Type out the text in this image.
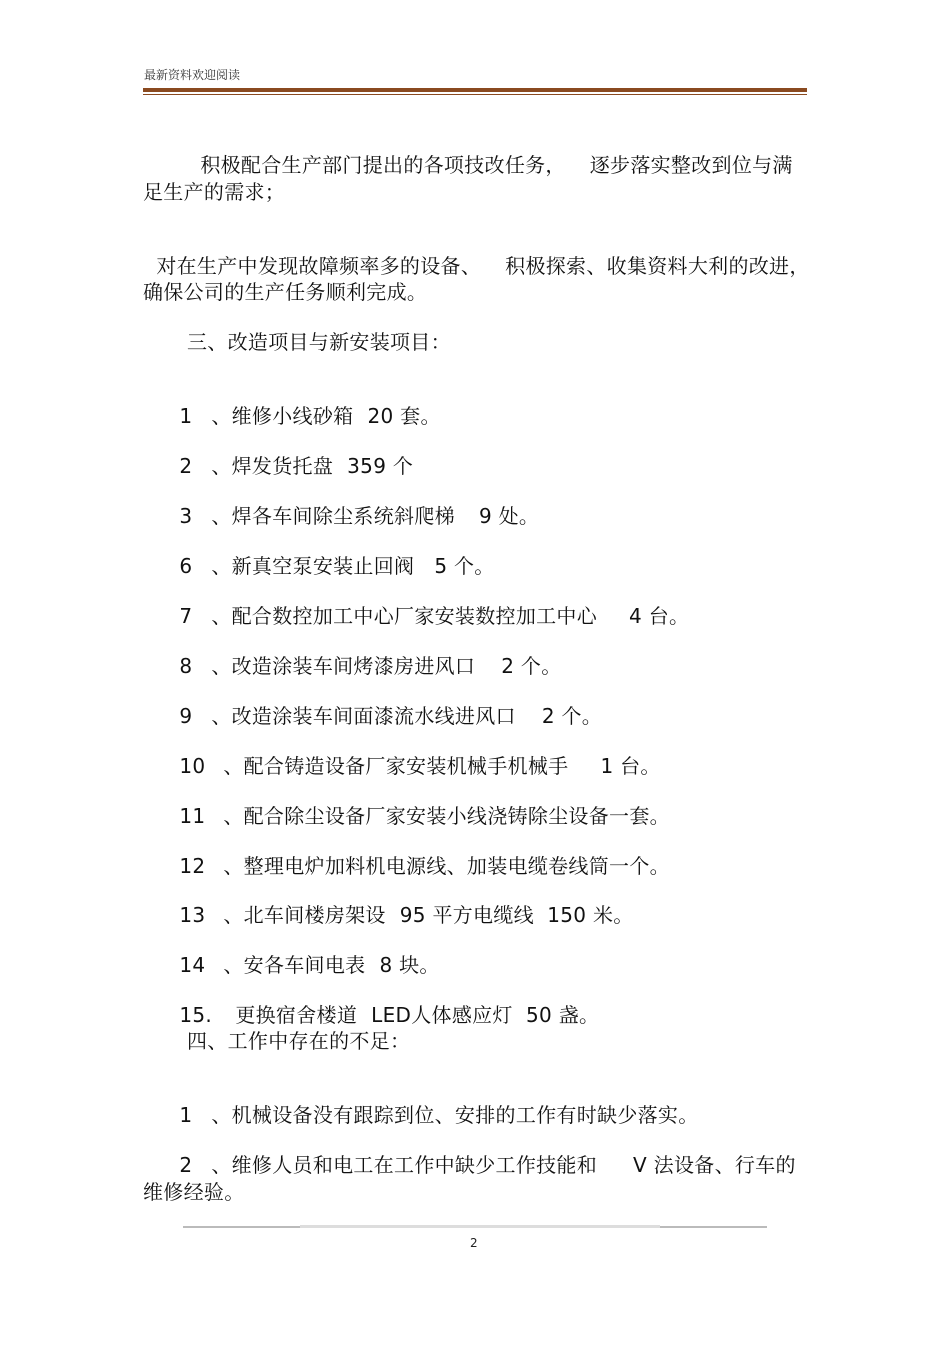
最新资料欢迎阅读

积极配合生产部门提出的各项技改任务， 逐步落实整改到位与满

足生产的需求；

对在生产中发现故障频率多的设备、 积极探索、收集资料大利的改进，

确保公司的生产任务顺利完成。
三、改造项目与新安装项目：

1 、维修小线砂箱 20 套。

2 、焊发货托盘 359 个

3 、焊各车间除尘系统斜爬梯 9 处。

6 、新真空泵安装止回阀 5 个。

7 、配合数控加工中心厂家安装数控加工中心 4 台。

8 、改造涂装车间烤漆房进风口 2 个。

9 、改造涂装车间面漆流水线进风口 2 个。

10 、配合铸造设备厂家安装机械手机械手 1 台。

11 、配合除尘设备厂家安装小线浇铸除尘设备一套。

12 、整理电炉加料机电源线、加装电缆卷线筒一个。

13 、北车间楼房架设 95 平方电缆线  150 米。

14 、安各车间电表 8 块。

15. 更换宿舍楼道 LED人体感应灯  50 盏。

四、工作中存在的不足：

1 、机械设备没有跟踪到位、安排的工作有时缺少落实。

2 、维修人员和电工在工作中缺少工作技能和 V 法设备、行车的

维修经验。
2
